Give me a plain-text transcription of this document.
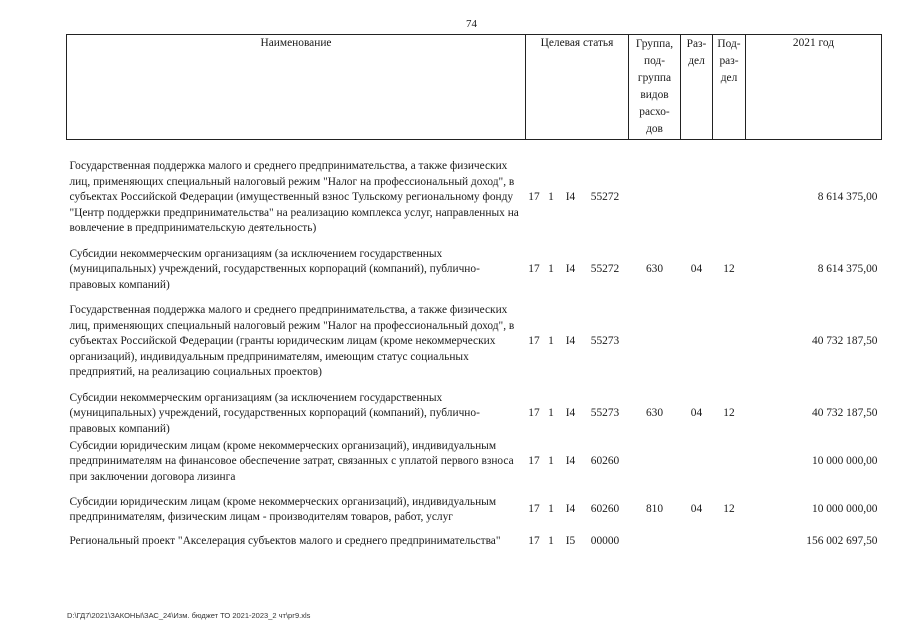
74
Наименование	Целевая статья				Группа, под-группа видов расхо-дов	Раз-дел	Под-раз-дел	2021 год

Государственная поддержка малого и среднего предпринимательства, а также физических лиц, применяющих специальный налоговый режим "Налог на профессиональный доход", в субъектах Российской Федерации (имущественный взнос Тульскому региональному фонду "Центр поддержки предпринимательства" на реализацию комплекса услуг, направленных на вовлечение в предпринимательскую деятельность)	17	1	I4	55272				8 614 375,00
Субсидии некоммерческим организациям (за исключением государственных (муниципальных) учреждений, государственных корпораций (компаний), публично-правовых компаний)	17	1	I4	55272	630	04	12	8 614 375,00
Государственная поддержка малого и среднего предпринимательства, а также физических лиц, применяющих специальный налоговый режим "Налог на профессиональный доход", в субъектах Российской Федерации (гранты юридическим лицам (кроме некоммерческих организаций), индивидуальным предпринимателям, имеющим статус социальных предприятий, на реализацию социальных проектов)	17	1	I4	55273				40 732 187,50
Субсидии некоммерческим организациям (за исключением государственных (муниципальных) учреждений, государственных корпораций (компаний), публично-правовых компаний)	17	1	I4	55273	630	04	12	40 732 187,50
Субсидии юридическим лицам (кроме некоммерческих организаций), индивидуальным предпринимателям на финансовое обеспечение затрат, связанных с уплатой первого взноса при заключении договора лизинга	17	1	I4	60260				10 000 000,00
Субсидии юридическим лицам (кроме некоммерческих организаций), индивидуальным предпринимателям, физическим лицам - производителям товаров, работ, услуг	17	1	I4	60260	810	04	12	10 000 000,00
Региональный проект "Акселерация субъектов малого и среднего предпринимательства"	17	1	I5	00000				156 002 697,50
D:\ГД7\2021\ЗАКОНЫ\ЗАС_24\Изм. бюджет ТО 2021-2023_2 чт\рг9.xls
